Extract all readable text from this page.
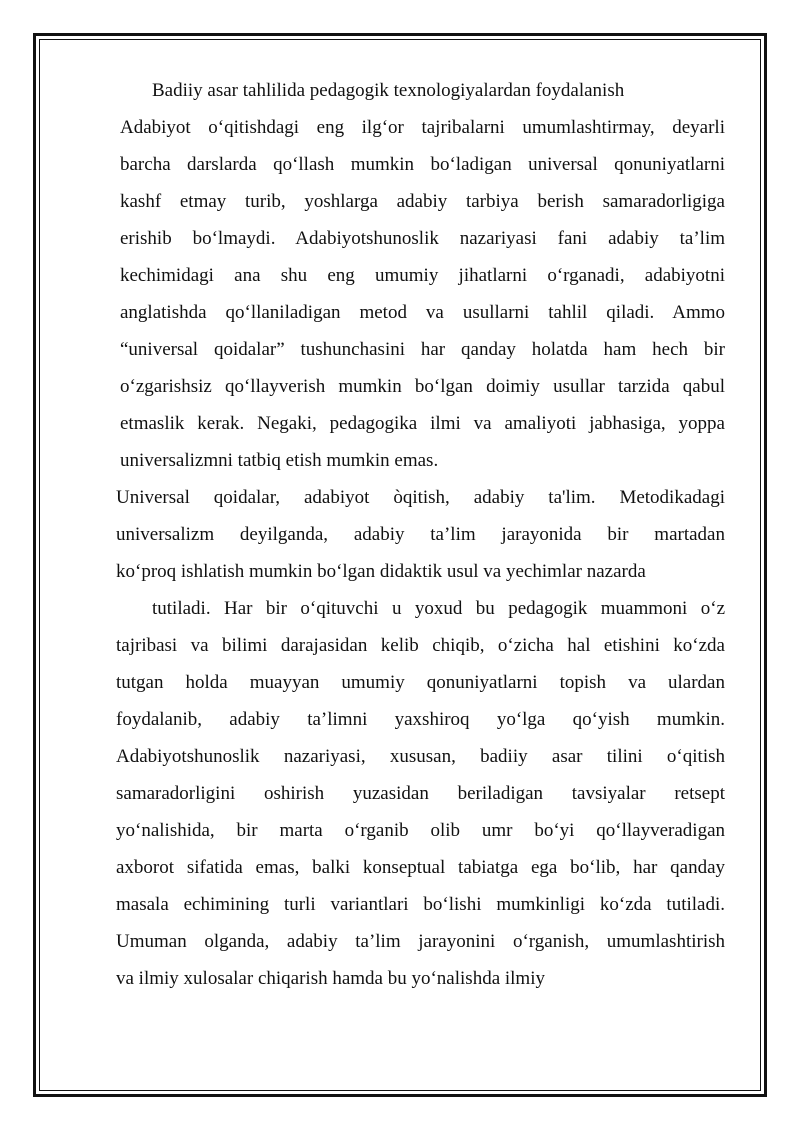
Badiiy asar tahlilida pedagogik texnologiyalardan foydalanish

Adabiyot o‘qitishdagi eng ilg‘or tajribalarni umumlashtirmay, deyarli
barcha darslarda qo‘llash mumkin bo‘ladigan universal qonuniyatlarni
kashf etmay turib, yoshlarga adabiy tarbiya berish samaradorligiga
erishib bo‘lmaydi. Adabiyotshunoslik nazariyasi fani adabiy ta’lim
kechimidagi ana shu eng umumiy jihatlarni o‘rganadi, adabiyotni
anglatishda qo‘llaniladigan metod va usullarni tahlil qiladi. Ammo
“universal qoidalar” tushunchasini har qanday holatda ham hech bir
o‘zgarishsiz qo‘llayverish mumkin bo‘lgan doimiy usullar tarzida qabul
etmaslik kerak. Negaki, pedagogika ilmi va amaliyoti jabhasiga, yoppa
universalizmni tatbiq etish mumkin emas.

Universal qoidalar, adabiyot òqitish, adabiy ta'lim. Metodikadagi
universalizm deyilganda, adabiy ta’lim jarayonida bir martadan
ko‘proq ishlatish mumkin bo‘lgan didaktik usul va yechimlar nazarda

tutiladi. Har bir o‘qituvchi u yoxud bu pedagogik muammoni o‘z
tajribasi va bilimi darajasidan kelib chiqib, o‘zicha hal etishini ko‘zda
tutgan holda muayyan umumiy qonuniyatlarni topish va ulardan
foydalanib, adabiy ta’limni yaxshiroq yo‘lga qo‘yish mumkin.
Adabiyotshunoslik nazariyasi, xususan, badiiy asar tilini o‘qitish
samaradorligini oshirish yuzasidan beriladigan tavsiyalar retsept
yo‘nalishida, bir marta o‘rganib olib umr bo‘yi qo‘llayveradigan
axborot sifatida emas, balki konseptual tabiatga ega bo‘lib, har qanday
masala echimining turli variantlari bo‘lishi mumkinligi ko‘zda tutiladi.
Umuman olganda, adabiy ta’lim jarayonini o‘rganish, umumlashtirish
va ilmiy xulosalar chiqarish hamda bu yo‘nalishda ilmiy
